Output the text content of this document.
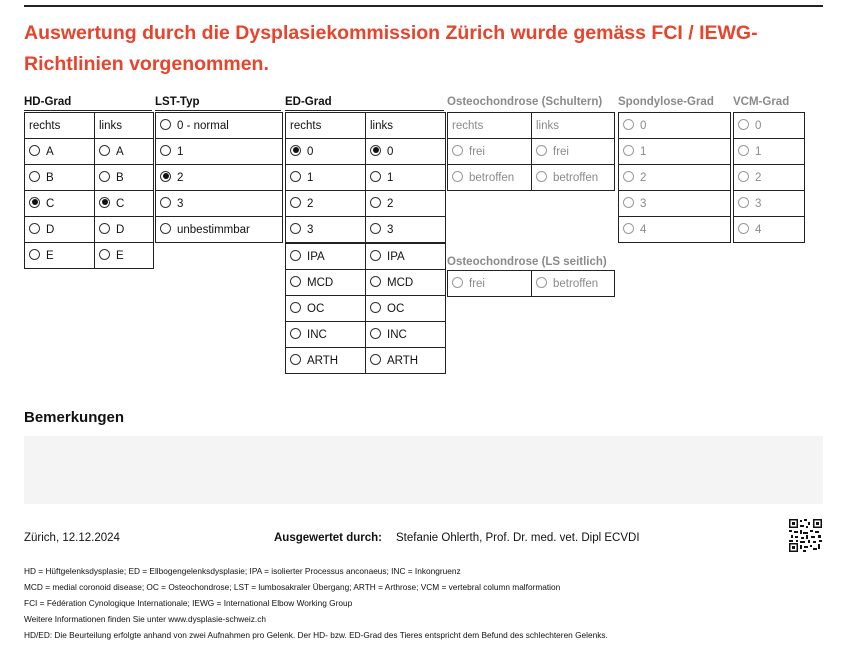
Auswertung durch die Dysplasiekommission Zürich wurde gemäss FCI / IEWG-Richtlinien vorgenommen.
HD-Grad	LST-Typ	ED-Grad	Osteochondrose (Schultern) Spondylose-Grad VCM-Grad
Osteochondrose (LS seitlich)
rechts	links
A	A
B	B
C	C
D	D
E	E
0 - normal
1
2
3
unbestimmbar
rechts	links
0	0
1	1
2	2
3	3
IPA	IPA
MCD	MCD
OC	OC
INC	INC
ARTH	ARTH
rechts	links
frei	frei
betroffen	betroffen
frei	betroffen
0
1
2
3
4
0
1
2
3
4
Bemerkungen
Zürich, 12.12.2024	Ausgewertet durch: Stefanie Ohlerth, Prof. Dr. med. vet. Dipl ECVDI
HD = Hüftgelenksdysplasie; ED = Ellbogengelenksdysplasie; IPA = isolierter Processus anconaeus; INC = Inkongruenz
MCD = medial coronoid disease; OC = Osteochondrose; LST = lumbosakraler Übergang; ARTH = Arthrose; VCM = vertebral column malformation
FCI = Fédération Cynologique Internationale; IEWG = International Elbow Working Group
Weitere Informationen finden Sie unter www.dysplasie-schweiz.ch
HD/ED: Die Beurteilung erfolgte anhand von zwei Aufnahmen pro Gelenk. Der HD- bzw. ED-Grad des Tieres entspricht dem Befund des schlechteren Gelenks.
